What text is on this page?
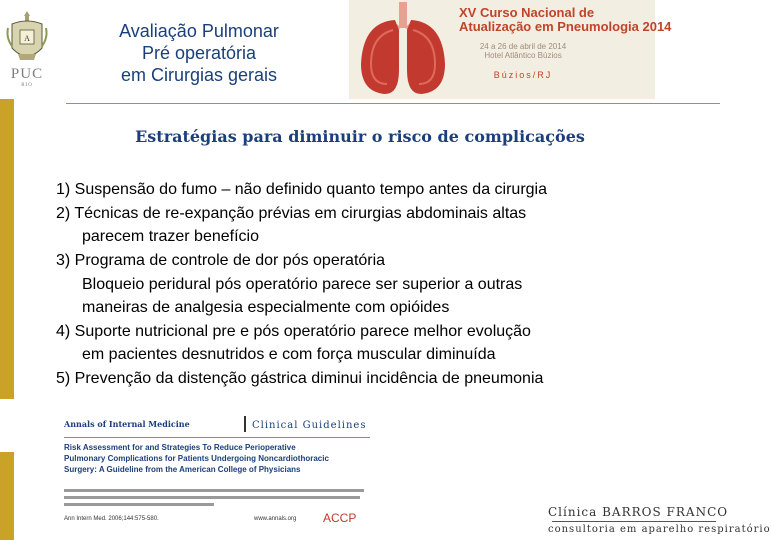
A
PUC
RIO
Avaliação Pulmonar
Pré operatória
em Cirurgias gerais
XV Curso Nacional de
Atualização em Pneumologia 2014
24 a 26 de abril de 2014
Hotel Atlântico Búzios
Búzios/RJ
Estratégias para diminuir o risco de complicações
1) Suspensão do fumo – não definido quanto tempo antes da cirurgia
2) Técnicas de re-expanção prévias em cirurgias abdominais altas
parecem trazer benefício
3) Programa de controle de dor pós operatória
Bloqueio peridural pós operatório parece ser superior a outras
maneiras de analgesia especialmente com opióides
4) Suporte nutricional pre e pós operatório parece melhor evolução
em pacientes desnutridos e com força muscular diminuída
5) Prevenção da distenção gástrica diminui incidência de pneumonia
Annals of Internal Medicine	Clinical Guidelines
Risk Assessment for and Strategies To Reduce Perioperative
Pulmonary Complications for Patients Undergoing Noncardiothoracic
Surgery: A Guideline from the American College of Physicians
Ann Intern Med. 2006;144:575-580.	www.annals.org ACCP	Clínica BARROS FRANCO
consultoria em aparelho respiratório
